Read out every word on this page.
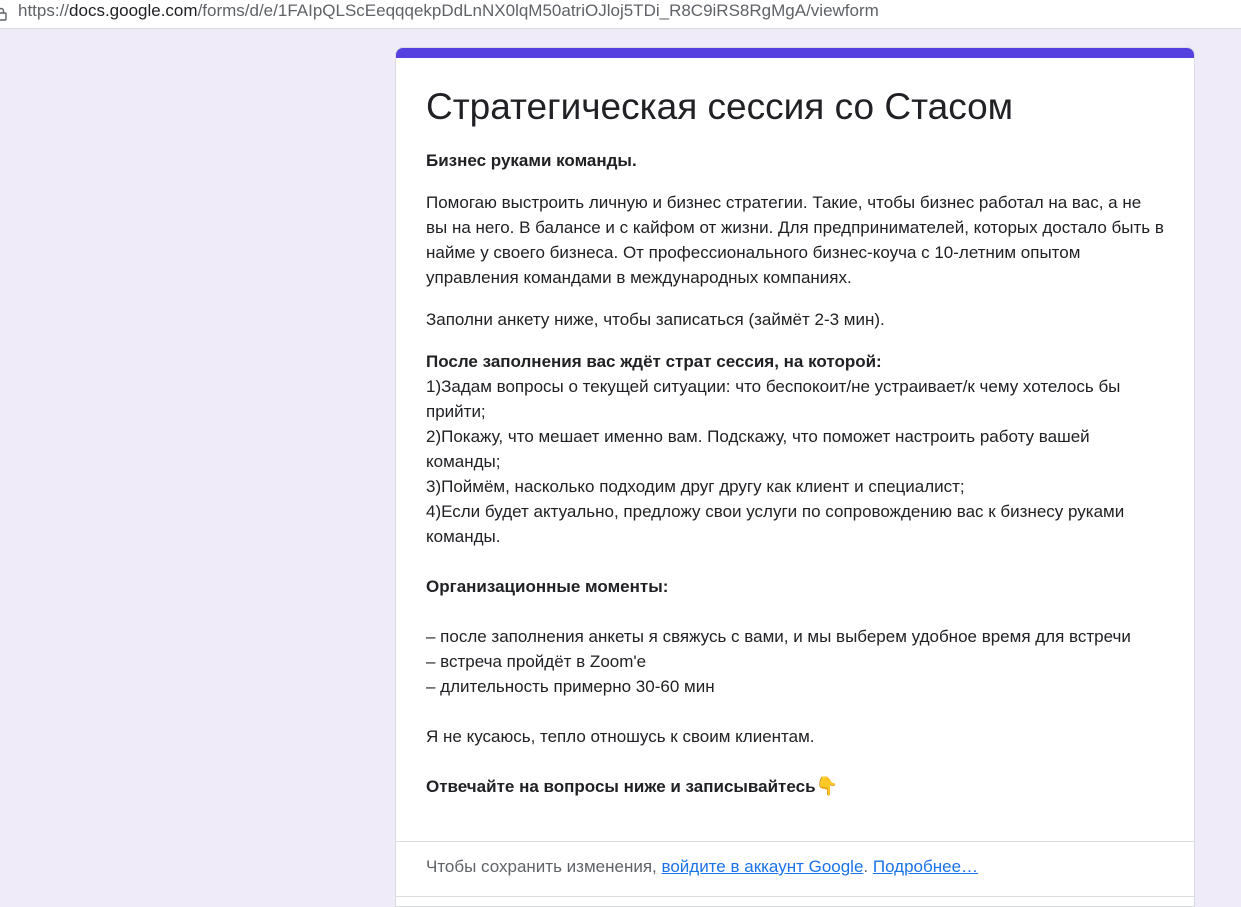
https://docs.google.com/forms/d/e/1FAIpQLScEeqqqekpDdLnNX0lqM50atriOJloj5TDi_R8C9iRS8RgMgA/viewform
Стратегическая сессия со Стасом

Бизнес руками команды.

Помогаю выстроить личную и бизнес стратегии. Такие, чтобы бизнес работал на вас, а не вы на него. В балансе и с кайфом от жизни. Для предпринимателей, которых достало быть в найме у своего бизнеса. От профессионального бизнес-коуча с 10-летним опытом управления командами в международных компаниях.

Заполни анкету ниже, чтобы записаться (займёт 2-3 мин).

После заполнения вас ждёт страт сессия, на которой:

1)Задам вопросы о текущей ситуации: что беспокоит/не устраивает/к чему хотелось бы прийти;

2)Покажу, что мешает именно вам. Подскажу, что поможет настроить работу вашей команды;

3)Поймём, насколько подходим друг другу как клиент и специалист;

4)Если будет актуально, предложу свои услуги по сопровождению вас к бизнесу руками команды.

Организационные моменты:

– после заполнения анкеты я свяжусь с вами, и мы выберем удобное время для встречи

– встреча пройдёт в Zoom'e

– длительность примерно 30-60 мин

Я не кусаюсь, тепло отношусь к своим клиентам.

Отвечайте на вопросы ниже и записывайтесь👇

Чтобы сохранить изменения, войдите в аккаунт Google. Подробнее…
